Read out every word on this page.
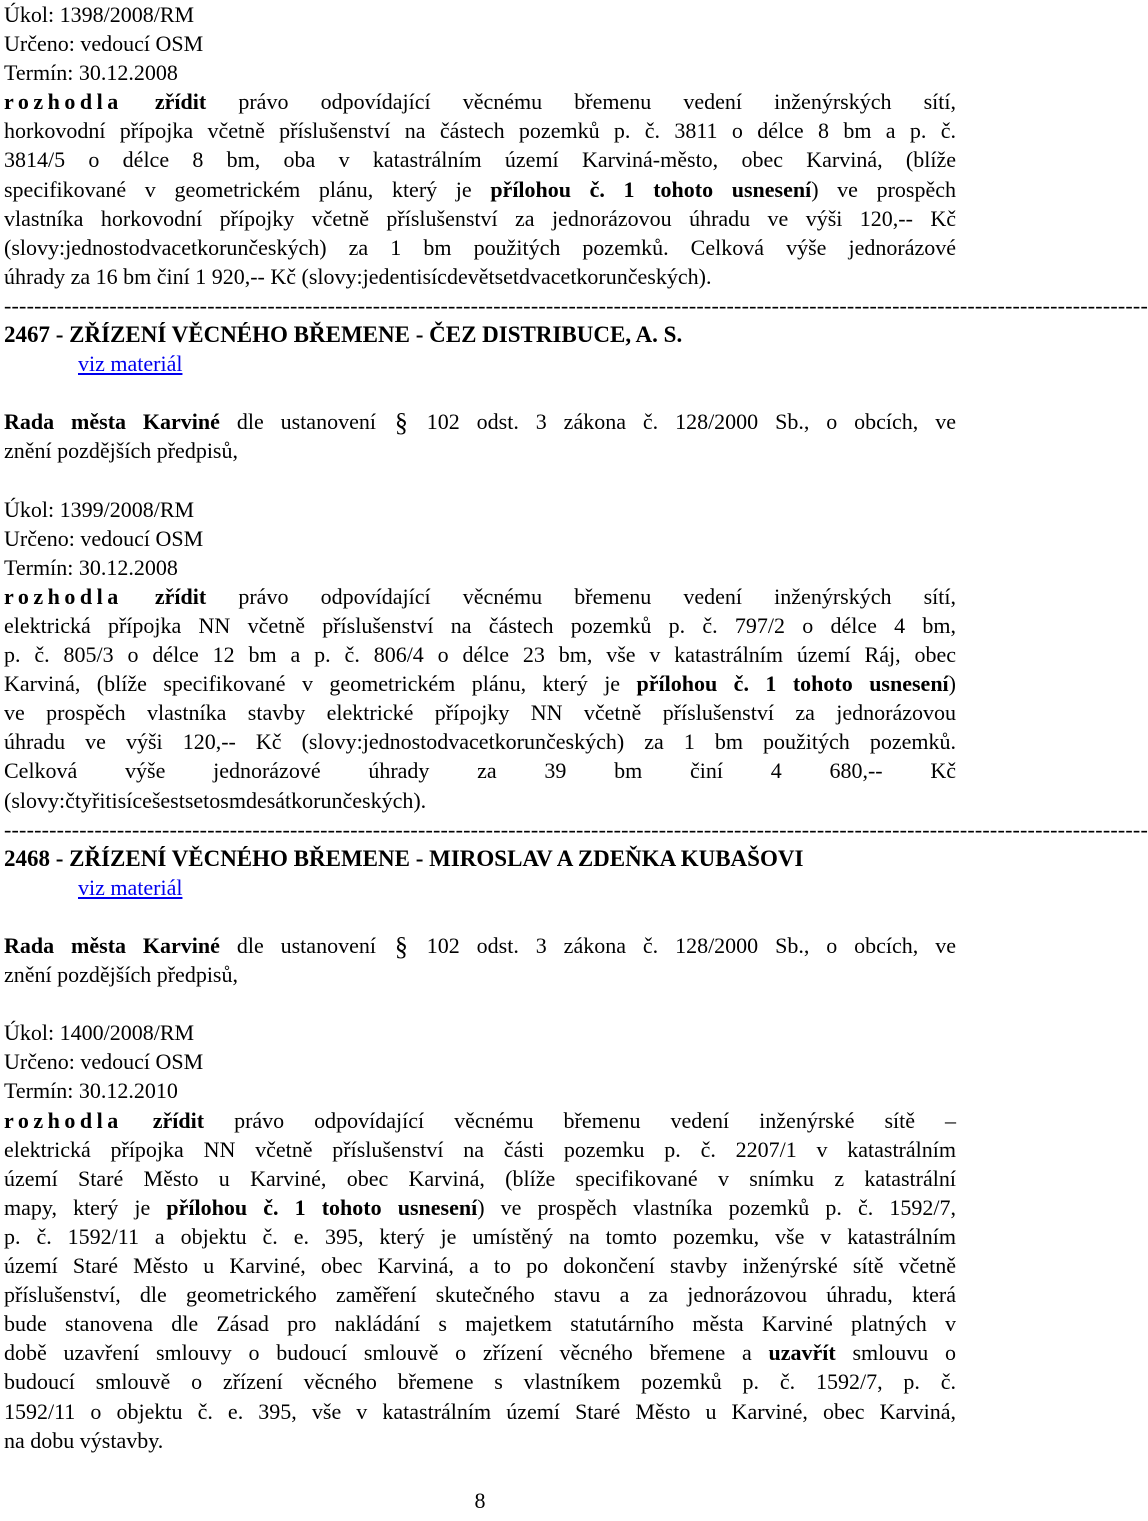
Úkol: 1398/2008/RM
Určeno: vedoucí OSM
Termín: 30.12.2008
rozhodla zřídit právo odpovídající věcnému břemenu vedení inženýrských sítí,
horkovodní přípojka včetně příslušenství na částech pozemků p. č. 3811 o délce 8 bm a p. č.
3814/5 o délce 8 bm, oba v katastrálním území Karviná-město, obec Karviná, (blíže
specifikované v geometrickém plánu, který je přílohou č. 1 tohoto usnesení) ve prospěch
vlastníka horkovodní přípojky včetně příslušenství za jednorázovou úhradu ve výši 120,-- Kč
(slovy:jednostodvacetkorunčeských) za 1 bm použitých pozemků. Celková výše jednorázové
úhrady za 16 bm činí 1 920,-- Kč (slovy:jedentisícdevětsetdvacetkorunčeských).
--------------------------------------------------------------------------------------------------------------------------------------------------------
2467 - ZŘÍZENÍ VĚCNÉHO BŘEMENE - ČEZ DISTRIBUCE, A. S.
viz materiál
Rada města Karviné dle ustanovení § 102 odst. 3 zákona č. 128/2000 Sb., o obcích, ve
znění pozdějších předpisů,
Úkol: 1399/2008/RM
Určeno: vedoucí OSM
Termín: 30.12.2008
rozhodla zřídit právo odpovídající věcnému břemenu vedení inženýrských sítí,
elektrická přípojka NN včetně příslušenství na částech pozemků p. č. 797/2 o délce 4 bm,
p. č. 805/3 o délce 12 bm a p. č. 806/4 o délce 23 bm, vše v katastrálním území Ráj, obec
Karviná, (blíže specifikované v geometrickém plánu, který je přílohou č. 1 tohoto usnesení)
ve prospěch vlastníka stavby elektrické přípojky NN včetně příslušenství za jednorázovou
úhradu ve výši 120,-- Kč (slovy:jednostodvacetkorunčeských) za 1 bm použitých pozemků.
Celková výše jednorázové úhrady za 39 bm činí 4 680,-- Kč
(slovy:čtyřitisícešestsetosmdesátkorunčeských).
--------------------------------------------------------------------------------------------------------------------------------------------------------
2468 - ZŘÍZENÍ VĚCNÉHO BŘEMENE - MIROSLAV A ZDEŇKA KUBAŠOVI
viz materiál
Rada města Karviné dle ustanovení § 102 odst. 3 zákona č. 128/2000 Sb., o obcích, ve
znění pozdějších předpisů,
Úkol: 1400/2008/RM
Určeno: vedoucí OSM
Termín: 30.12.2010
rozhodla zřídit právo odpovídající věcnému břemenu vedení inženýrské sítě –
elektrická přípojka NN včetně příslušenství na části pozemku p. č. 2207/1 v katastrálním
území Staré Město u Karviné, obec Karviná, (blíže specifikované v snímku z katastrální
mapy, který je přílohou č. 1 tohoto usnesení) ve prospěch vlastníka pozemků p. č. 1592/7,
p. č. 1592/11 a objektu č. e. 395, který je umístěný na tomto pozemku, vše v katastrálním
území Staré Město u Karviné, obec Karviná, a to po dokončení stavby inženýrské sítě včetně
příslušenství, dle geometrického zaměření skutečného stavu a za jednorázovou úhradu, která
bude stanovena dle Zásad pro nakládání s majetkem statutárního města Karviné platných v
době uzavření smlouvy o budoucí smlouvě o zřízení věcného břemene a uzavřít smlouvu o
budoucí smlouvě o zřízení věcného břemene s vlastníkem pozemků p. č. 1592/7, p. č.
1592/11 o objektu č. e. 395, vše v katastrálním území Staré Město u Karviné, obec Karviná,
na dobu výstavby.
8
